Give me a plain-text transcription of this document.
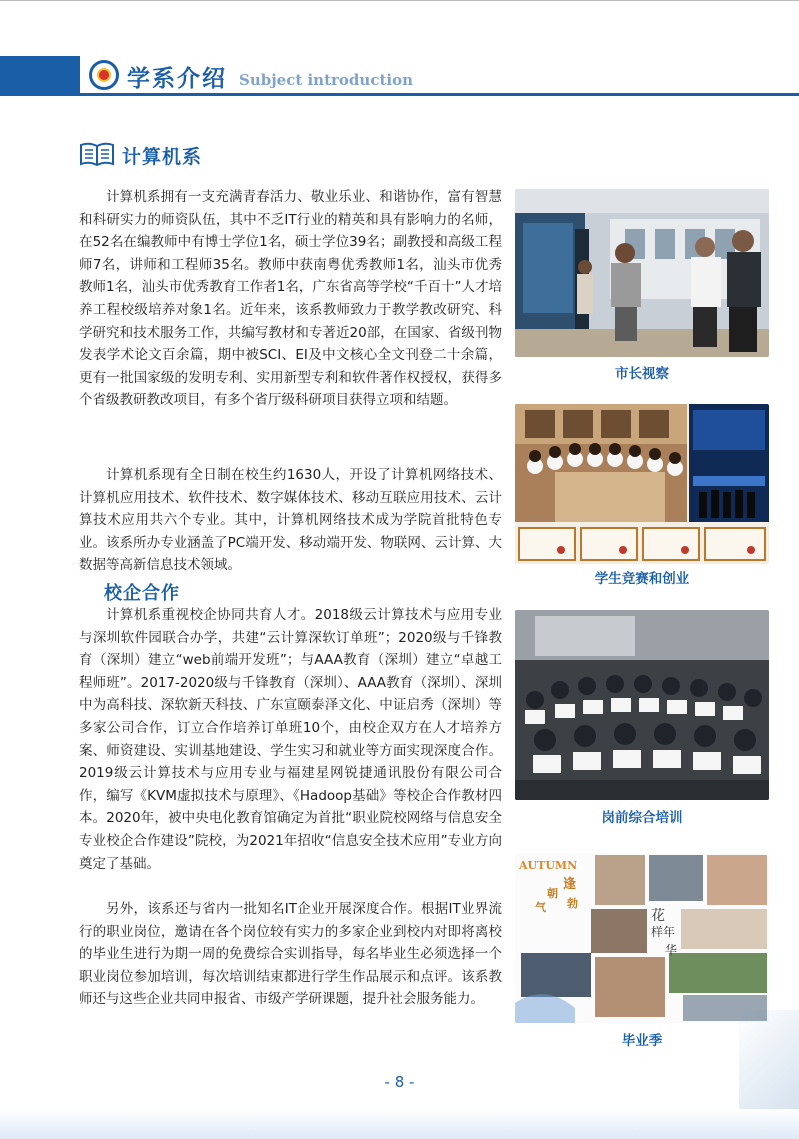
学系介绍 Subject introduction
计算机系

计算机系拥有一支充满青春活力、敬业乐业、和谐协作，富有智慧和科研实力的师资队伍，其中不乏IT行业的精英和具有影响力的名师，在52名在编教师中有博士学位1名，硕士学位39名；副教授和高级工程师7名，讲师和工程师35名。教师中获南粤优秀教师1名，汕头市优秀教师1名，汕头市优秀教育工作者1名，广东省高等学校“千百十”人才培养工程校级培养对象1名。近年来，该系教师致力于教学教改研究、科学研究和技术服务工作，共编写教材和专著近20部，在国家、省级刊物发表学术论文百余篇，期中被SCI、EI及中文核心全文刊登二十余篇，更有一批国家级的发明专利、实用新型专利和软件著作权授权，获得多个省级教研教改项目，有多个省厅级科研项目获得立项和结题。

计算机系现有全日制在校生约1630人，开设了计算机网络技术、计算机应用技术、软件技术、数字媒体技术、移动互联应用技术、云计算技术应用共六个专业。其中，计算机网络技术成为学院首批特色专业。该系所办专业涵盖了PC端开发、移动端开发、物联网、云计算、大数据等高新信息技术领域。

校企合作

计算机系重视校企协同共育人才。2018级云计算技术与应用专业与深圳软件园联合办学，共建“云计算深软订单班”；2020级与千锋教育（深圳）建立“web前端开发班”；与AAA教育（深圳）建立“卓越工程师班”。2017-2020级与千锋教育（深圳）、AAA教育（深圳）、深圳中为高科技、深软新天科技、广东宣颐泰泽文化、中证启秀（深圳）等多家公司合作，订立合作培养订单班10个，由校企双方在人才培养方案、师资建设、实训基地建设、学生实习和就业等方面实现深度合作。2019级云计算技术与应用专业与福建星网锐捷通讯股份有限公司合作，编写《KVM虚拟技术与原理》、《Hadoop基础》等校企合作教材四本。2020年，被中央电化教育馆确定为首批“职业院校网络与信息安全专业校企合作建设”院校，为2021年招收“信息安全技术应用”专业方向奠定了基础。

另外，该系还与省内一批知名IT企业开展深度合作。根据IT业界流行的职业岗位，邀请在各个岗位较有实力的多家企业到校内对即将离校的毕业生进行为期一周的免费综合实训指导，每名毕业生必须选择一个职业岗位参加培训，每次培训结束都进行学生作品展示和点评。该系教师还与这些企业共同申报省、市级产学研课题，提升社会服务能力。

市长视察
学生竞赛和创业
岗前综合培训
AUTUMN
逢
朝
气 勃
花
样年
华
毕业季
- 8 -
